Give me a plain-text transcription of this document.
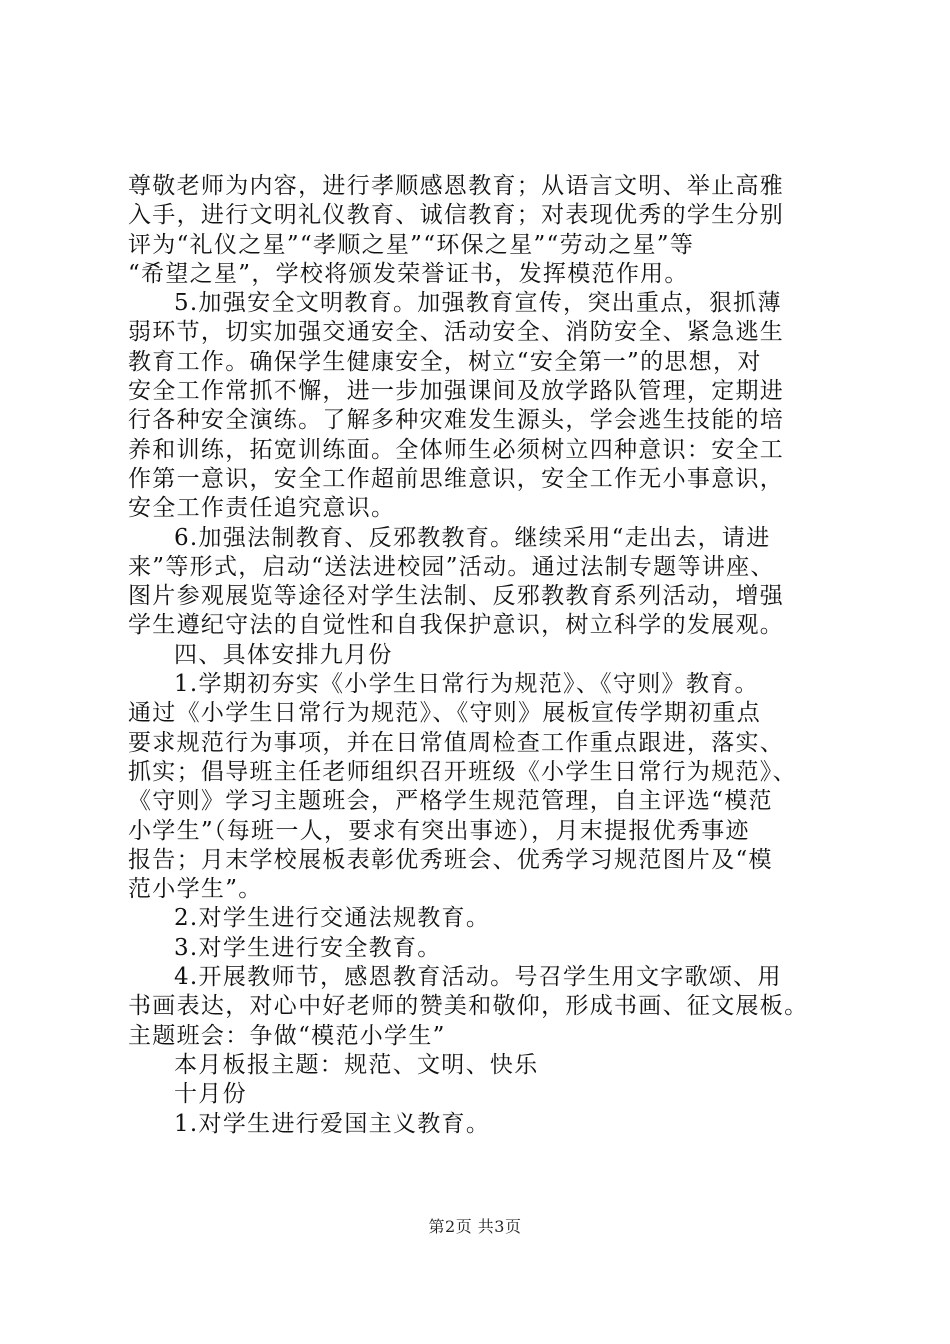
尊敬老师为内容，进行孝顺感恩教育；从语言文明、举止高雅
入手，进行文明礼仪教育、诚信教育；对表现优秀的学生分别
评为“礼仪之星”“孝顺之星”“环保之星”“劳动之星”等
“希望之星”，学校将颁发荣誉证书，发挥模范作用。
5.加强安全文明教育。加强教育宣传，突出重点，狠抓薄
弱环节，切实加强交通安全、活动安全、消防安全、紧急逃生
教育工作。确保学生健康安全，树立“安全第一”的思想，对
安全工作常抓不懈，进一步加强课间及放学路队管理，定期进
行各种安全演练。了解多种灾难发生源头，学会逃生技能的培
养和训练，拓宽训练面。全体师生必须树立四种意识：安全工
作第一意识，安全工作超前思维意识，安全工作无小事意识，
安全工作责任追究意识。
6.加强法制教育、反邪教教育。继续采用“走出去，请进
来”等形式，启动“送法进校园”活动。通过法制专题等讲座、
图片参观展览等途径对学生法制、反邪教教育系列活动，增强
学生遵纪守法的自觉性和自我保护意识，树立科学的发展观。
四、具体安排九月份
1.学期初夯实《小学生日常行为规范》、《守则》教育。
通过《小学生日常行为规范》、《守则》展板宣传学期初重点
要求规范行为事项，并在日常值周检查工作重点跟进，落实、
抓实；倡导班主任老师组织召开班级《小学生日常行为规范》、
《守则》学习主题班会，严格学生规范管理，自主评选“模范
小学生”（每班一人，要求有突出事迹），月末提报优秀事迹
报告；月末学校展板表彰优秀班会、优秀学习规范图片及“模
范小学生”。
2.对学生进行交通法规教育。
3.对学生进行安全教育。
4.开展教师节，感恩教育活动。号召学生用文字歌颂、用
书画表达，对心中好老师的赞美和敬仰，形成书画、征文展板。
主题班会：争做“模范小学生”
本月板报主题：规范、文明、快乐
十月份
1.对学生进行爱国主义教育。
第2页 共3页
